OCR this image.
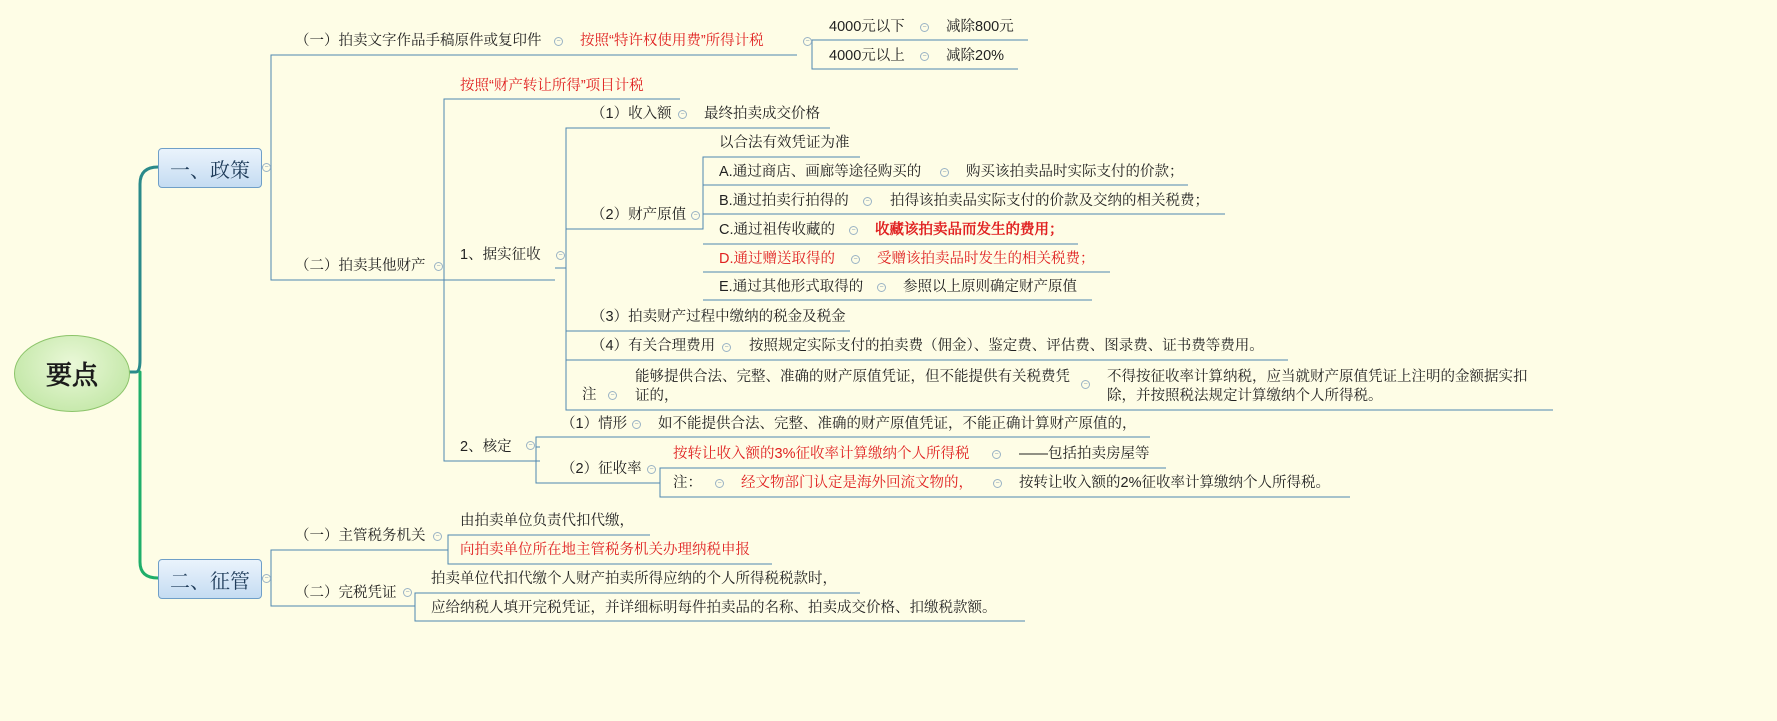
要点
一、政策
二、征管
−
−
−	−
−
−
−
−
−
−
−
−
−
−
−
−
−
−
−
−
−
−
−	−
−
−
（一）拍卖文字作品手稿原件或复印件	按照“特许权使用费”所得计税
4000元以下	减除800元
4000元以上	减除20%
（二）拍卖其他财产
按照“财产转让所得”项目计税
1、据实征收
（1）收入额 最终拍卖成交价格
（2）财产原值
以合法有效凭证为准
A.通过商店、画廊等途径购买的	购买该拍卖品时实际支付的价款；
B.通过拍卖行拍得的	拍得该拍卖品实际支付的价款及交纳的相关税费；
C.通过祖传收藏的	收藏该拍卖品而发生的费用；
D.通过赠送取得的	受赠该拍卖品时发生的相关税费；
E.通过其他形式取得的	参照以上原则确定财产原值
（3）拍卖财产过程中缴纳的税金及税金
（4）有关合理费用 按照规定实际支付的拍卖费（佣金）、鉴定费、评估费、图录费、证书费等费用。
注
能够提供合法、完整、准确的财产原值凭证，但不能提供有关税费凭证的，
不得按征收率计算纳税，应当就财产原值凭证上注明的金额据实扣除，并按照税法规定计算缴纳个人所得税。
2、核定
（1）情形 如不能提供合法、完整、准确的财产原值凭证，不能正确计算财产原值的，
（2）征收率
按转让收入额的3%征收率计算缴纳个人所得税	——包括拍卖房屋等
注：	经文物部门认定是海外回流文物的，	按转让收入额的2%征收率计算缴纳个人所得税。
（一）主管税务机关
由拍卖单位负责代扣代缴，
向拍卖单位所在地主管税务机关办理纳税申报
（二）完税凭证
拍卖单位代扣代缴个人财产拍卖所得应纳的个人所得税税款时，
应给纳税人填开完税凭证，并详细标明每件拍卖品的名称、拍卖成交价格、扣缴税款额。
